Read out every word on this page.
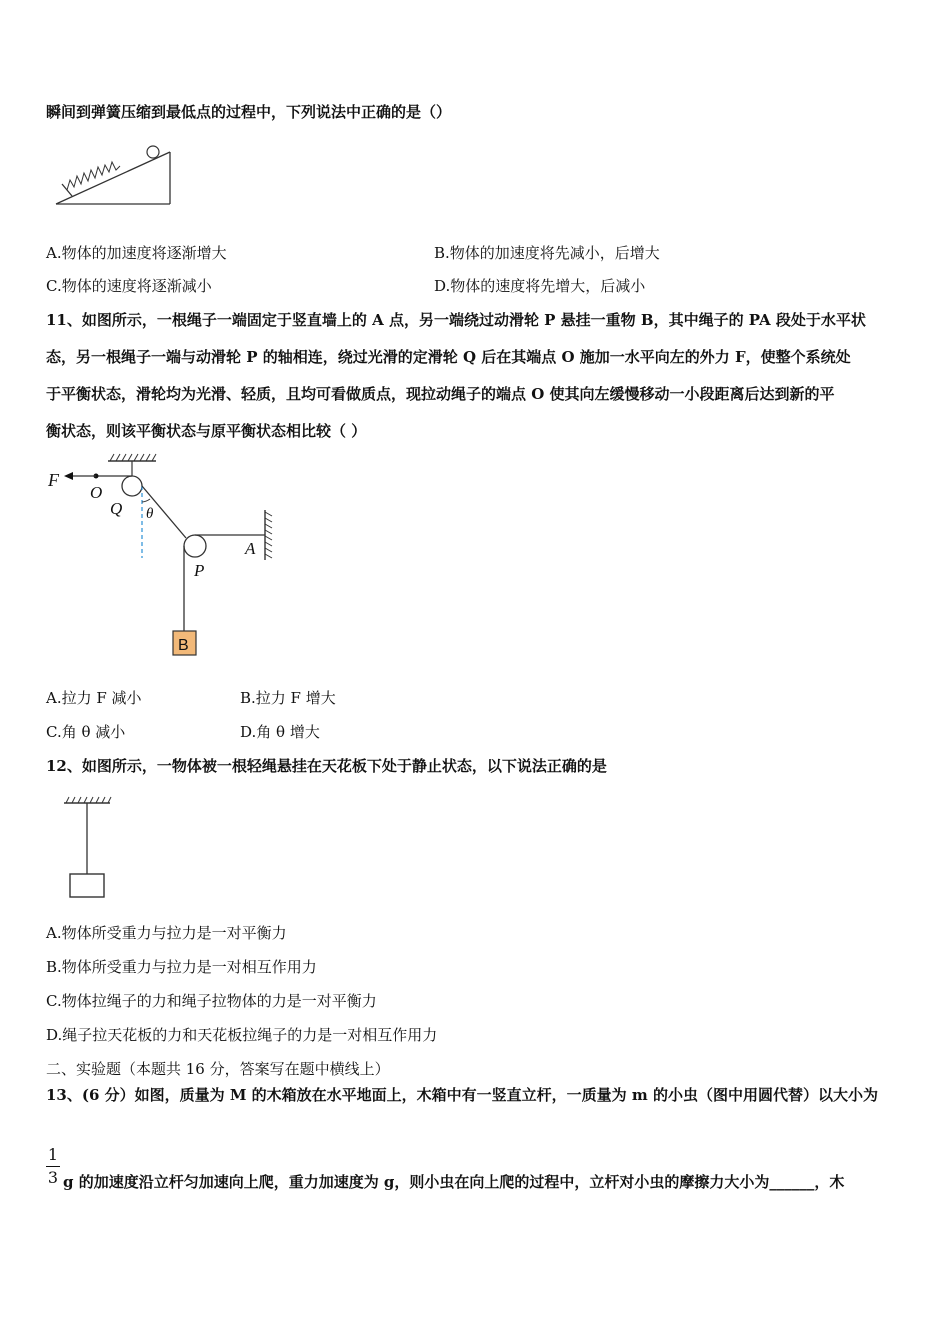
瞬间到弹簧压缩到最低点的过程中，下列说法中正确的是（）
A.物体的加速度将逐渐增大	B.物体的加速度将先减小，后增大
C.物体的速度将逐渐减小	D.物体的速度将先增大，后减小
11、如图所示，一根绳子一端固定于竖直墙上的 A 点，另一端绕过动滑轮 P 悬挂一重物 B，其中绳子的 PA 段处于水平状
态，另一根绳子一端与动滑轮 P 的轴相连，绕过光滑的定滑轮 Q 后在其端点 O 施加一水平向左的外力 F，使整个系统处
于平衡状态，滑轮均为光滑、轻质，且均可看做质点，现拉动绳子的端点 O 使其向左缓慢移动一小段距离后达到新的平
衡状态，则该平衡状态与原平衡状态相比较（ ）
F
O
Q θ
A
P
B
A.拉力 F 减小	B.拉力 F 增大
C.角 θ 减小	D.角 θ 增大
12、如图所示，一物体被一根轻绳悬挂在天花板下处于静止状态，以下说法正确的是
A.物体所受重力与拉力是一对平衡力
B.物体所受重力与拉力是一对相互作用力
C.物体拉绳子的力和绳子拉物体的力是一对平衡力
D.绳子拉天花板的力和天花板拉绳子的力是一对相互作用力
二、实验题（本题共 16 分，答案写在题中横线上）
13、(6 分）如图，质量为 M 的木箱放在水平地面上，木箱中有一竖直立杆，一质量为 m 的小虫（图中用圆代替）以大小为
1
3 g 的加速度沿立杆匀加速向上爬，重力加速度为 g，则小虫在向上爬的过程中，立杆对小虫的摩擦力大小为______，木
